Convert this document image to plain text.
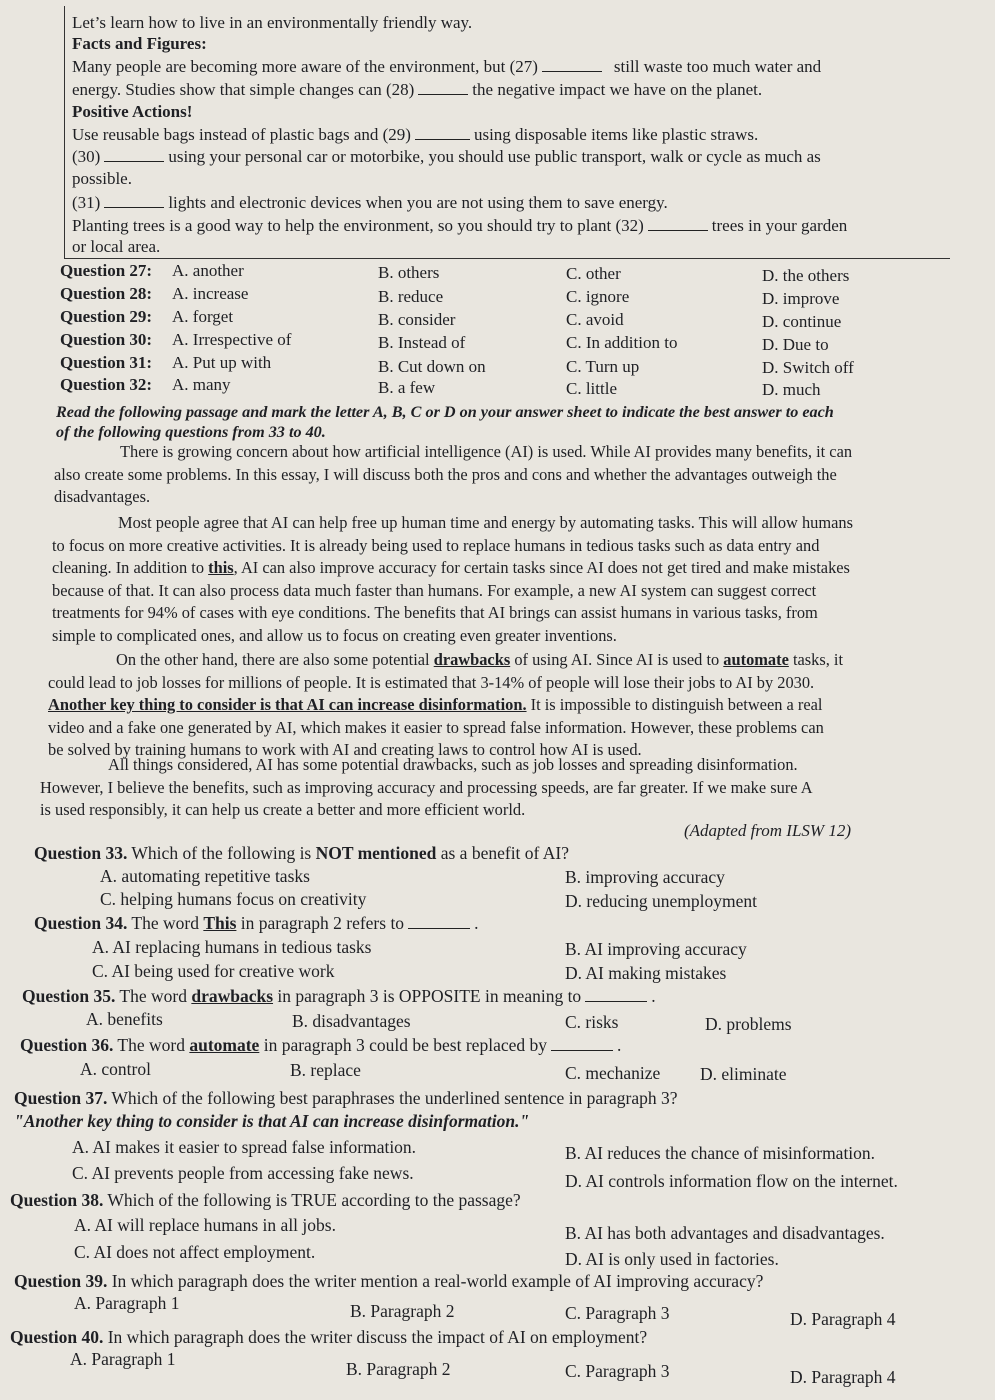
Let’s learn how to live in an environmentally friendly way.
Facts and Figures:
Many people are becoming more aware of the environment, but (27)	still waste too much water and
energy. Studies show that simple changes can (28)	the negative impact we have on the planet.
Positive Actions!
Use reusable bags instead of plastic bags and (29)	using disposable items like plastic straws.
(30)	using your personal car or motorbike, you should use public transport, walk or cycle as much as
possible.
(31)	lights and electronic devices when you are not using them to save energy.
Planting trees is a good way to help the environment, so you should try to plant (32)	trees in your garden
or local area.
Question 27: A. another	B. others	C. other	D. the others
Question 28: A. increase	B. reduce	C. ignore	D. improve
Question 29: A. forget	B. consider	C. avoid	D. continue
Question 30: A. Irrespective of	B. Instead of	C. In addition to	D. Due to
Question 31: A. Put up with	B. Cut down on	C. Turn up	D. Switch off
Question 32: A. many	B. a few	C. little	D. much
Read the following passage and mark the letter A, B, C or D on your answer sheet to indicate the best answer to each
of the following questions from 33 to 40.
There is growing concern about how artificial intelligence (AI) is used. While AI provides many benefits, it can
also create some problems. In this essay, I will discuss both the pros and cons and whether the advantages outweigh the
disadvantages.
Most people agree that AI can help free up human time and energy by automating tasks. This will allow humans
to focus on more creative activities. It is already being used to replace humans in tedious tasks such as data entry and
cleaning. In addition to this, AI can also improve accuracy for certain tasks since AI does not get tired and make mistakes
because of that. It can also process data much faster than humans. For example, a new AI system can suggest correct
treatments for 94% of cases with eye conditions. The benefits that AI brings can assist humans in various tasks, from
simple to complicated ones, and allow us to focus on creating even greater inventions.
On the other hand, there are also some potential drawbacks of using AI. Since AI is used to automate tasks, it
could lead to job losses for millions of people. It is estimated that 3-14% of people will lose their jobs to AI by 2030.
Another key thing to consider is that AI can increase disinformation. It is impossible to distinguish between a real
video and a fake one generated by AI, which makes it easier to spread false information. However, these problems can
be solved by training humans to work with AI and creating laws to control how AI is used.
All things considered, AI has some potential drawbacks, such as job losses and spreading disinformation.
However, I believe the benefits, such as improving accuracy and processing speeds, are far greater. If we make sure A
is used responsibly, it can help us create a better and more efficient world.
(Adapted from ILSW 12)
Question 33. Which of the following is NOT mentioned as a benefit of AI?
A. automating repetitive tasks	B. improving accuracy
C. helping humans focus on creativity	D. reducing unemployment
Question 34. The word This in paragraph 2 refers to	.
A. AI replacing humans in tedious tasks	B. AI improving accuracy
C. AI being used for creative work	D. AI making mistakes
Question 35. The word drawbacks in paragraph 3 is OPPOSITE in meaning to	.
A. benefits	B. disadvantages	C. risks	D. problems
Question 36. The word automate in paragraph 3 could be best replaced by	.
A. control	B. replace	C. mechanize D. eliminate
Question 37. Which of the following best paraphrases the underlined sentence in paragraph 3?
"Another key thing to consider is that AI can increase disinformation."
A. AI makes it easier to spread false information.	B. AI reduces the chance of misinformation.
C. AI prevents people from accessing fake news.	D. AI controls information flow on the internet.
Question 38. Which of the following is TRUE according to the passage?
A. AI will replace humans in all jobs.	B. AI has both advantages and disadvantages.
C. AI does not affect employment.	D. AI is only used in factories.
Question 39. In which paragraph does the writer mention a real-world example of AI improving accuracy?
A. Paragraph 1	B. Paragraph 2	C. Paragraph 3	D. Paragraph 4
Question 40. In which paragraph does the writer discuss the impact of AI on employment?
A. Paragraph 1	B. Paragraph 2	C. Paragraph 3	D. Paragraph 4
